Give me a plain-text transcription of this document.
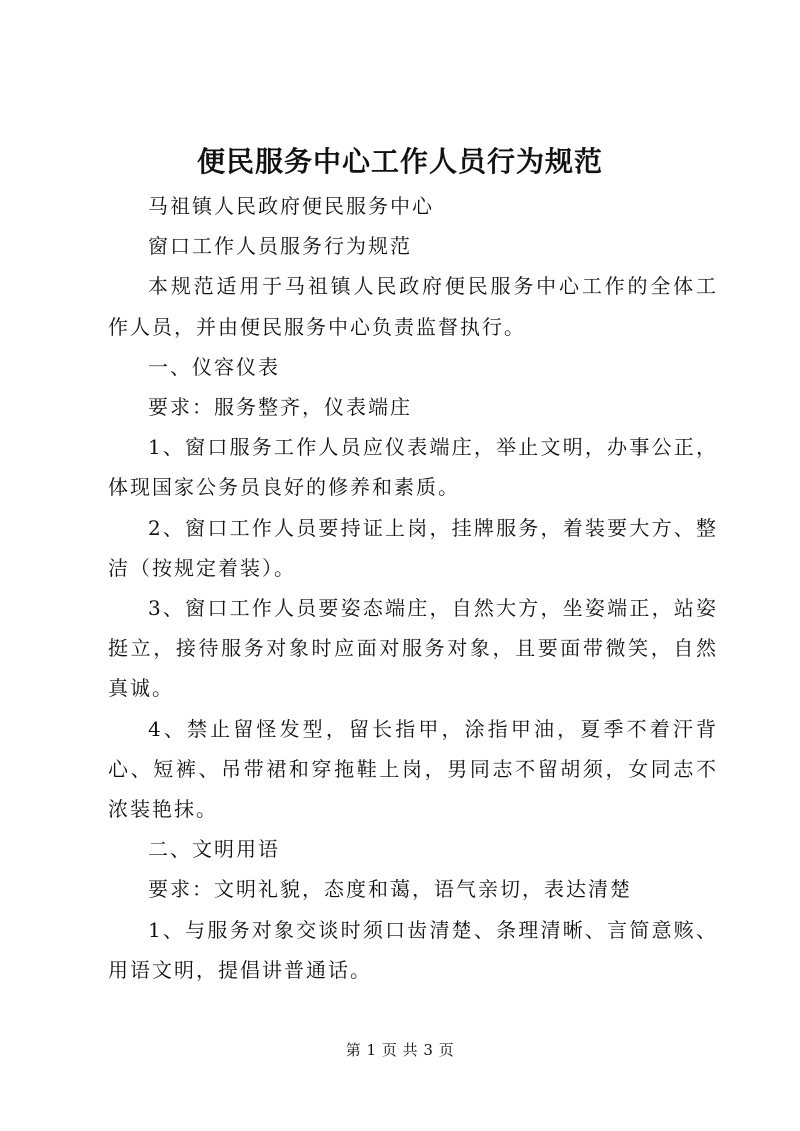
便民服务中心工作人员行为规范

马祖镇人民政府便民服务中心

窗口工作人员服务行为规范

本规范适用于马祖镇人民政府便民服务中心工作的全体工作人员，并由便民服务中心负责监督执行。

一、仪容仪表

要求：服务整齐，仪表端庄

1、窗口服务工作人员应仪表端庄，举止文明，办事公正，体现国家公务员良好的修养和素质。

2、窗口工作人员要持证上岗，挂牌服务，着装要大方、整洁（按规定着装）。

3、窗口工作人员要姿态端庄，自然大方，坐姿端正，站姿挺立，接待服务对象时应面对服务对象，且要面带微笑，自然真诚。

4、禁止留怪发型，留长指甲，涂指甲油，夏季不着汗背心、短裤、吊带裙和穿拖鞋上岗，男同志不留胡须，女同志不浓装艳抹。

二、文明用语

要求：文明礼貌，态度和蔼，语气亲切，表达清楚

1、与服务对象交谈时须口齿清楚、条理清晰、言简意赅、用语文明，提倡讲普通话。

第 1 页 共 3 页
